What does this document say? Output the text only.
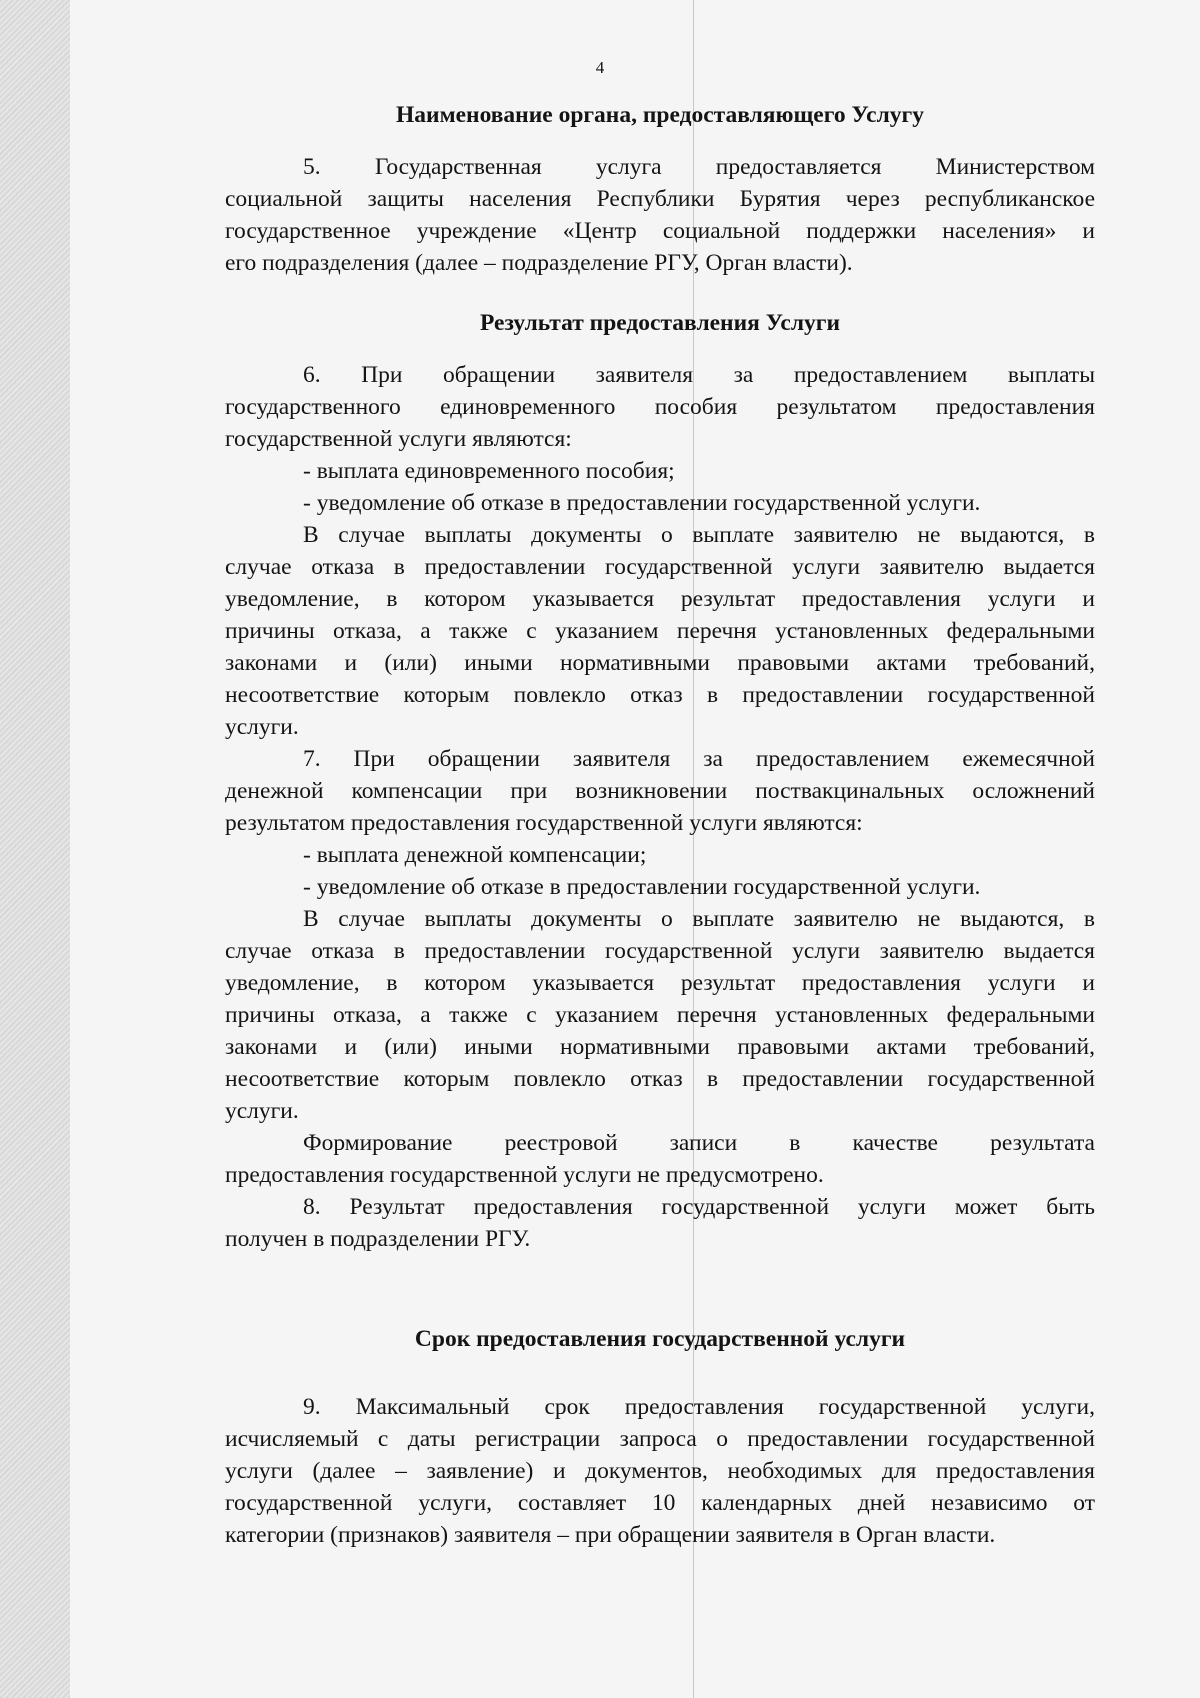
4
Наименование органа, предоставляющего Услугу
5. Государственная услуга предоставляется Министерством
социальной защиты населения Республики Бурятия через республиканское
государственное учреждение «Центр социальной поддержки населения» и
его подразделения (далее – подразделение РГУ, Орган власти).
Результат предоставления Услуги
6. При обращении заявителя за предоставлением выплаты
государственного единовременного пособия результатом предоставления
государственной услуги являются:
- выплата единовременного пособия;
- уведомление об отказе в предоставлении государственной услуги.
В случае выплаты документы о выплате заявителю не выдаются, в
случае отказа в предоставлении государственной услуги заявителю выдается
уведомление, в котором указывается результат предоставления услуги и
причины отказа, а также с указанием перечня установленных федеральными
законами и (или) иными нормативными правовыми актами требований,
несоответствие которым повлекло отказ в предоставлении государственной
услуги.
7. При обращении заявителя за предоставлением ежемесячной
денежной компенсации при возникновении поствакцинальных осложнений
результатом предоставления государственной услуги являются:
- выплата денежной компенсации;
- уведомление об отказе в предоставлении государственной услуги.
В случае выплаты документы о выплате заявителю не выдаются, в
случае отказа в предоставлении государственной услуги заявителю выдается
уведомление, в котором указывается результат предоставления услуги и
причины отказа, а также с указанием перечня установленных федеральными
законами и (или) иными нормативными правовыми актами требований,
несоответствие которым повлекло отказ в предоставлении государственной
услуги.
Формирование реестровой записи в качестве результата
предоставления государственной услуги не предусмотрено.
8. Результат предоставления государственной услуги может быть
получен в подразделении РГУ.
Срок предоставления государственной услуги
9. Максимальный срок предоставления государственной услуги,
исчисляемый с даты регистрации запроса о предоставлении государственной
услуги (далее – заявление) и документов, необходимых для предоставления
государственной услуги, составляет 10 календарных дней независимо от
категории (признаков) заявителя – при обращении заявителя в Орган власти.
